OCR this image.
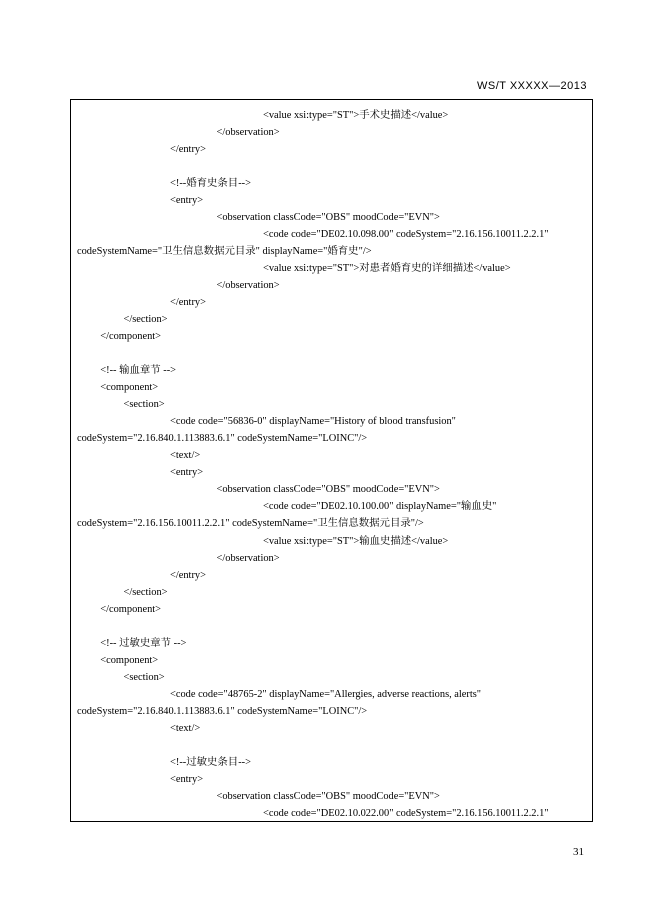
WS/T XXXXX—2013
<value xsi:type="ST">手术史描述</value>
</observation>
</entry>
<!--婚育史条目-->
<entry>
<observation classCode="OBS" moodCode="EVN">
<code code="DE02.10.098.00" codeSystem="2.16.156.10011.2.2.1"
codeSystemName="卫生信息数据元目录" displayName="婚育史"/>
<value xsi:type="ST">对患者婚育史的详细描述</value>
</observation>
</entry>
</section>
</component>
<!-- 输血章节 -->
<component>
<section>
<code code="56836-0" displayName="History of blood transfusion"
codeSystem="2.16.840.1.113883.6.1" codeSystemName="LOINC"/>
<text/>
<entry>
<observation classCode="OBS" moodCode="EVN">
<code code="DE02.10.100.00" displayName="输血史"
codeSystem="2.16.156.10011.2.2.1" codeSystemName="卫生信息数据元目录"/>
<value xsi:type="ST">输血史描述</value>
</observation>
</entry>
</section>
</component>
<!-- 过敏史章节 -->
<component>
<section>
<code code="48765-2" displayName="Allergies, adverse reactions, alerts"
codeSystem="2.16.840.1.113883.6.1" codeSystemName="LOINC"/>
<text/>
<!--过敏史条目-->
<entry>
<observation classCode="OBS" moodCode="EVN">
<code code="DE02.10.022.00" codeSystem="2.16.156.10011.2.2.1"
31
